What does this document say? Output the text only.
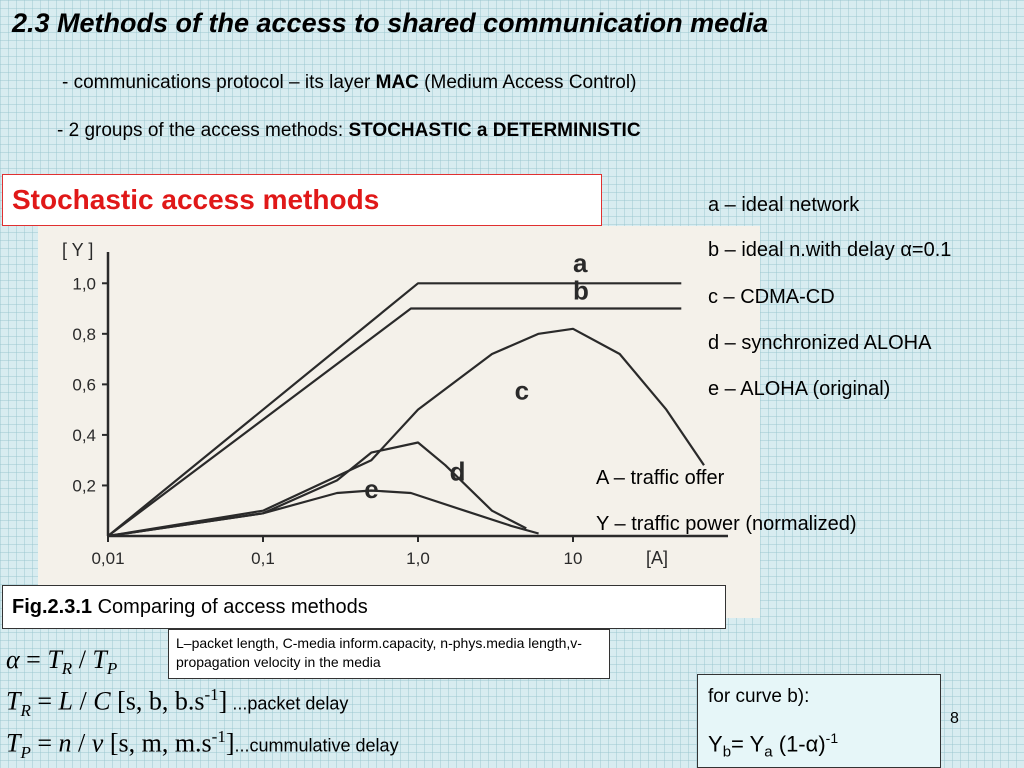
2.3 Methods of the access to shared communication media
- communications protocol – its layer MAC (Medium Access Control)
- 2 groups of the access methods: STOCHASTIC a DETERMINISTIC
Stochastic access methods
[ Y ]
[A]
0,2
0,4
0,6
0,8
1,0
0,01	0,1	1,0	10
a
b
c
d
e
a – ideal network
b – ideal n.with delay α=0.1
c – CDMA-CD
d – synchronized ALOHA
e – ALOHA (original)
A – traffic offer
Y – traffic power (normalized)
Fig.2.3.1 Comparing of access methods
L–packet length, C-media inform.capacity, n-phys.media length,v-propagation velocity in the media
$\alpha = T_R / T_P$
$T_R = L / C$ [s, b, $b.s^{-1}$] ...packet delay
$T_P = n / v$ [s, m, $m.s^{-1}]...cummulative$ delay
for curve b):
$Y_b= Y_a$ $(1-\alpha)^{-1}$
8
